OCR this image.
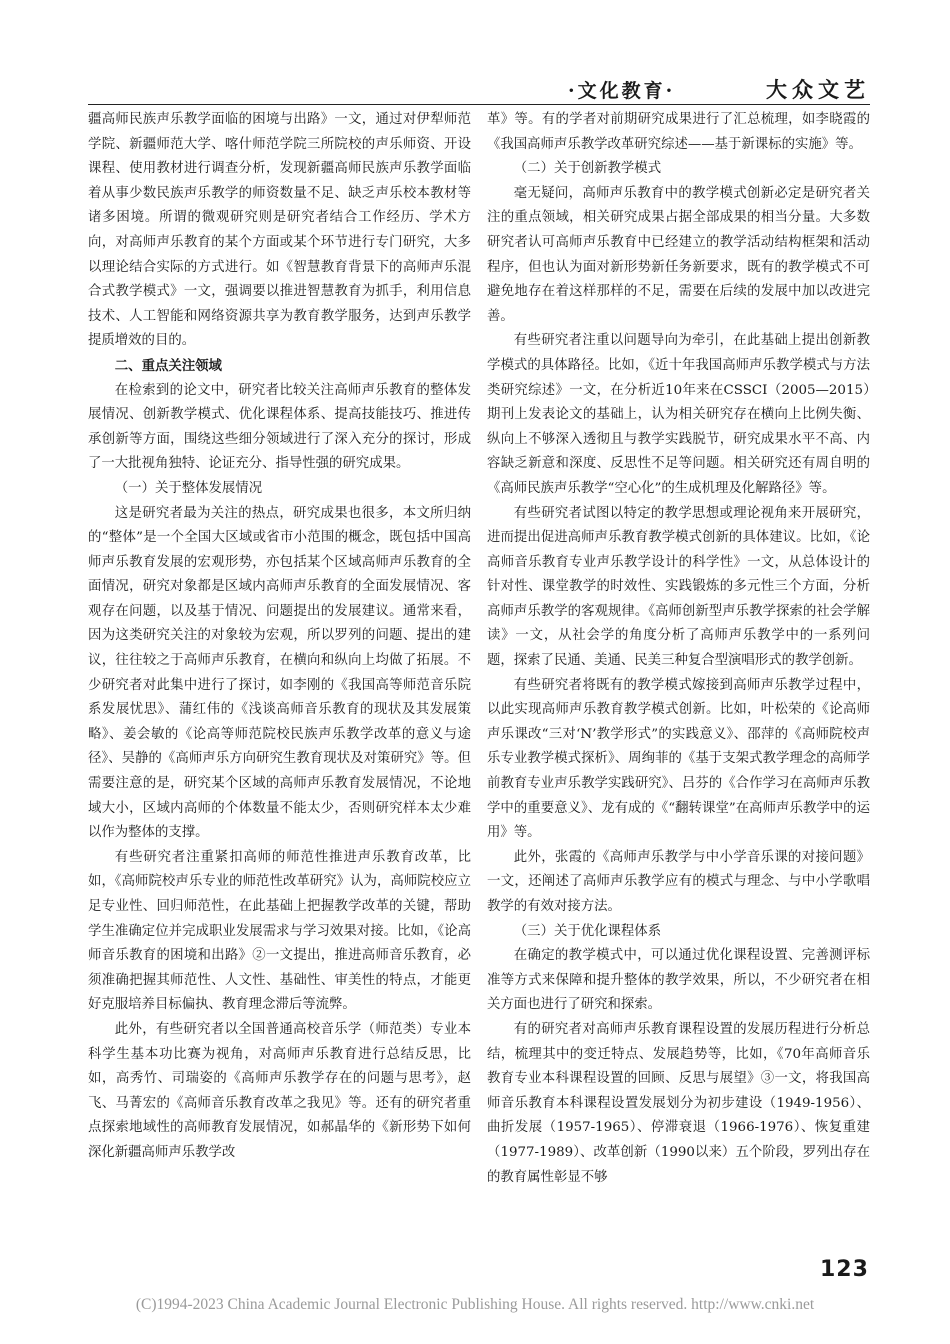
·文化教育·	大众文艺

疆高师民族声乐教学面临的困境与出路》一文，通过对伊犁师范学院、新疆师范大学、喀什师范学院三所院校的声乐师资、开设课程、使用教材进行调查分析，发现新疆高师民族声乐教学面临着从事少数民族声乐教学的师资数量不足、缺乏声乐校本教材等诸多困境。所谓的微观研究则是研究者结合工作经历、学术方向，对高师声乐教育的某个方面或某个环节进行专门研究，大多以理论结合实际的方式进行。如《智慧教育背景下的高师声乐混合式教学模式》一文，强调要以推进智慧教育为抓手，利用信息技术、人工智能和网络资源共享为教育教学服务，达到声乐教学提质增效的目的。

二、重点关注领域

在检索到的论文中，研究者比较关注高师声乐教育的整体发展情况、创新教学模式、优化课程体系、提高技能技巧、推进传承创新等方面，围绕这些细分领域进行了深入充分的探讨，形成了一大批视角独特、论证充分、指导性强的研究成果。

（一）关于整体发展情况

这是研究者最为关注的热点，研究成果也很多，本文所归纳的“整体”是一个全国大区域或省市小范围的概念，既包括中国高师声乐教育发展的宏观形势，亦包括某个区域高师声乐教育的全面情况，研究对象都是区域内高师声乐教育的全面发展情况、客观存在问题，以及基于情况、问题提出的发展建议。通常来看，因为这类研究关注的对象较为宏观，所以罗列的问题、提出的建议，往往较之于高师声乐教育，在横向和纵向上均做了拓展。不少研究者对此集中进行了探讨，如李刚的《我国高等师范音乐院系发展忧思》、蒲红伟的《浅谈高师音乐教育的现状及其发展策略》、姜会敏的《论高等师范院校民族声乐教学改革的意义与途径》、吴静的《高师声乐方向研究生教育现状及对策研究》等。但需要注意的是，研究某个区域的高师声乐教育发展情况，不论地域大小，区域内高师的个体数量不能太少，否则研究样本太少难以作为整体的支撑。

有些研究者注重紧扣高师的师范性推进声乐教育改革，比如，《高师院校声乐专业的师范性改革研究》认为，高师院校应立足专业性、回归师范性，在此基础上把握教学改革的关键，帮助学生准确定位并完成职业发展需求与学习效果对接。比如，《论高师音乐教育的困境和出路》②一文提出，推进高师音乐教育，必须准确把握其师范性、人文性、基础性、审美性的特点，才能更好克服培养目标偏执、教育理念滞后等流弊。

此外，有些研究者以全国普通高校音乐学（师范类）专业本科学生基本功比赛为视角，对高师声乐教育进行总结反思，比如，高秀竹、司瑞姿的《高师声乐教学存在的问题与思考》，赵飞、马菁宏的《高师音乐教育改革之我见》等。还有的研究者重点探索地域性的高师教育发展情况，如郝晶华的《新形势下如何深化新疆高师声乐教学改

革》等。有的学者对前期研究成果进行了汇总梳理，如李晓霞的《我国高师声乐教学改革研究综述——基于新课标的实施》等。

（二）关于创新教学模式

毫无疑问，高师声乐教育中的教学模式创新必定是研究者关注的重点领域，相关研究成果占据全部成果的相当分量。大多数研究者认可高师声乐教育中已经建立的教学活动结构框架和活动程序，但也认为面对新形势新任务新要求，既有的教学模式不可避免地存在着这样那样的不足，需要在后续的发展中加以改进完善。

有些研究者注重以问题导向为牵引，在此基础上提出创新教学模式的具体路径。比如，《近十年我国高师声乐教学模式与方法类研究综述》一文，在分析近10年来在CSSCI（2005—2015）期刊上发表论文的基础上，认为相关研究存在横向上比例失衡、纵向上不够深入透彻且与教学实践脱节，研究成果水平不高、内容缺乏新意和深度、反思性不足等问题。相关研究还有周自明的《高师民族声乐教学“空心化”的生成机理及化解路径》等。

有些研究者试图以特定的教学思想或理论视角来开展研究，进而提出促进高师声乐教育教学模式创新的具体建议。比如，《论高师音乐教育专业声乐教学设计的科学性》一文，从总体设计的针对性、课堂教学的时效性、实践锻炼的多元性三个方面，分析高师声乐教学的客观规律。《高师创新型声乐教学探索的社会学解读》一文，从社会学的角度分析了高师声乐教学中的一系列问题，探索了民通、美通、民美三种复合型演唱形式的教学创新。

有些研究者将既有的教学模式嫁接到高师声乐教学过程中，以此实现高师声乐教育教学模式创新。比如，叶松荣的《论高师声乐课改“三对‘N’教学形式”的实践意义》、邵萍的《高师院校声乐专业教学模式探析》、周绚菲的《基于支架式教学理念的高师学前教育专业声乐教学实践研究》、吕芬的《合作学习在高师声乐教学中的重要意义》、龙有成的《“翻转课堂”在高师声乐教学中的运用》等。

此外，张霞的《高师声乐教学与中小学音乐课的对接问题》一文，还阐述了高师声乐教学应有的模式与理念、与中小学歌唱教学的有效对接方法。

（三）关于优化课程体系

在确定的教学模式中，可以通过优化课程设置、完善测评标准等方式来保障和提升整体的教学效果，所以，不少研究者在相关方面也进行了研究和探索。

有的研究者对高师声乐教育课程设置的发展历程进行分析总结，梳理其中的变迁特点、发展趋势等，比如，《70年高师音乐教育专业本科课程设置的回顾、反思与展望》③一文，将我国高师音乐教育本科课程设置发展划分为初步建设（1949-1956）、曲折发展（1957-1965）、停滞衰退（1966-1976）、恢复重建（1977-1989）、改革创新（1990以来）五个阶段，罗列出存在的教育属性彰显不够

123
(C)1994-2023 China Academic Journal Electronic Publishing House. All rights reserved. http://www.cnki.net
